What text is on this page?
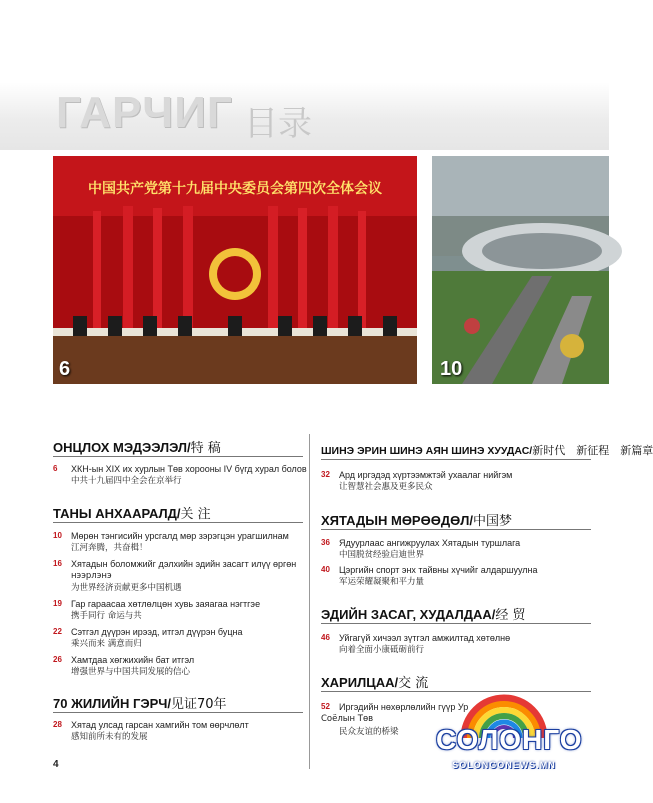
ГАРЧИГ 目录
中国共产党第十九届中央委员会第四次全体会议
6	10
ОНЦЛОХ МЭДЭЭЛЭЛ/特 稿
6 ХКН-ын XIX их хурлын Төв хорооны IV бүгд хурал болов
中共十九届四中全会在京举行
ТАНЫ АНХААРАЛД/关 注
10 Мөрөн тэнгисийн урсгалд мөр зэрэгцэн урагшилнам
江河奔腾，共奋楫！
16 Хятадын боломжийг дэлхийн эдийн засагт илүү өргөн
нээрлэнэ
为世界经济贡献更多中国机遇
19 Гар гараасаа хөтлөлцөн хувь заяагаа нэгтгэе
携手同行 命运与共
22 Сэтгэл дүүрэн ирээд, итгэл дүүрэн буцна
乘兴而来 满意而归
26 Хамтдаа хөгжихийн бат итгэл
增强世界与中国共同发展的信心
70 ЖИЛИЙН ГЭРЧ/见证70年
28 Хятад улсад гарсан хамгийн том өөрчлөлт
感知前所未有的发展
ШИНЭ ЭРИН ШИНЭ АЯН ШИНЭ ХУУДАС/新时代　新征程　新篇章
32 Ард иргэдэд хүртээмжтэй ухаалаг нийгэм
让智慧社会惠及更多民众
ХЯТАДЫН МӨРӨӨДӨЛ/中国梦
36 Ядуурлаас ангижруулах Хятадын туршлага
中国脱贫经验启迪世界
40 Цэргийн спорт энх тайвны хүчийг алдаршуулна
军运荣耀凝聚和平力量
ЭДИЙН ЗАСАГ, ХУДАЛДАА/经 贸
46 Уйгагүй хичээл зүтгэл амжилтад хөтөлнө
向着全面小康砥砺前行
ХАРИЛЦАА/交 流
52 Иргэдийн нөхөрлөлийн гүүр Ур
Соёлын Төв
民众友谊的桥梁 СОЛОНГО
SOLONGONEWS.MN
4
